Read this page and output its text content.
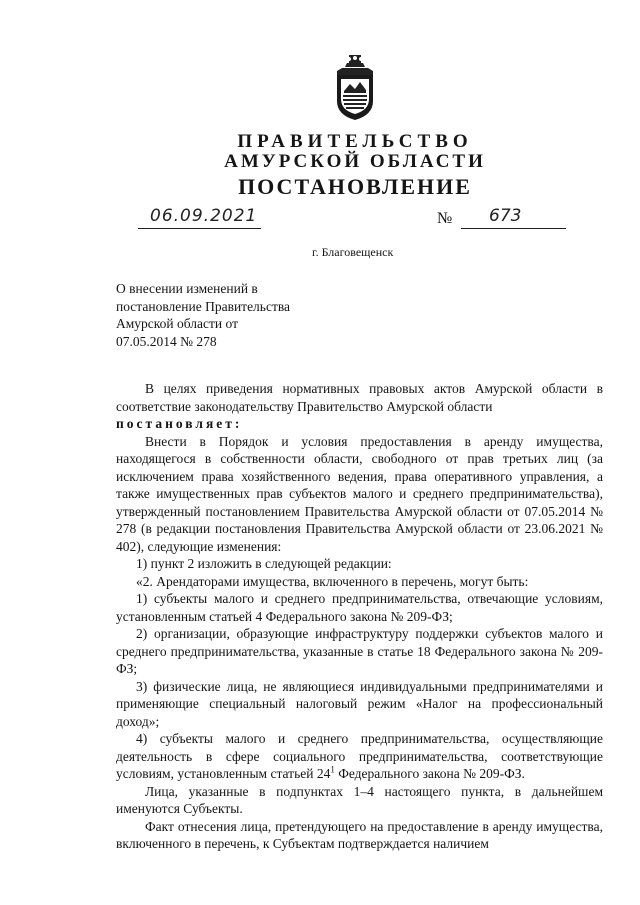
ПРАВИТЕЛЬСТВО
АМУРСКОЙ ОБЛАСТИ
ПОСТАНОВЛЕНИЕ
06.09.2021	№ 673
г. Благовещенск
О внесении изменений в
постановление Правительства
Амурской области от
07.05.2014 № 278
В целях приведения нормативных правовых актов Амурской области в
соответствие законодательству Правительство Амурской области
постановляет:
Внести в Порядок и условия предоставления в аренду имущества, находящегося в собственности области, свободного от прав третьих лиц (за исключением права хозяйственного ведения, права оперативного управления, а также имущественных прав субъектов малого и среднего предпринимательства), утвержденный постановлением Правительства Амурской области от 07.05.2014 № 278 (в редакции постановления Правительства Амурской области от 23.06.2021 № 402), следующие изменения:
1) пункт 2 изложить в следующей редакции:
«2. Арендаторами имущества, включенного в перечень, могут быть:
1) субъекты малого и среднего предпринимательства, отвечающие условиям, установленным статьей 4 Федерального закона № 209-ФЗ;
2) организации, образующие инфраструктуру поддержки субъектов малого и среднего предпринимательства, указанные в статье 18 Федерального закона № 209-ФЗ;
3) физические лица, не являющиеся индивидуальными предпринимателями и применяющие специальный налоговый режим «Налог на профессиональный доход»;
4) субъекты малого и среднего предпринимательства, осуществляющие деятельность в сфере социального предпринимательства, соответствующие условиям, установленным статьей $24^1$ Федерального закона № 209-ФЗ.
Лица, указанные в подпунктах 1–4 настоящего пункта, в дальнейшем именуются Субъекты.
Факт отнесения лица, претендующего на предоставление в аренду имущества, включенного в перечень, к Субъектам подтверждается наличием
